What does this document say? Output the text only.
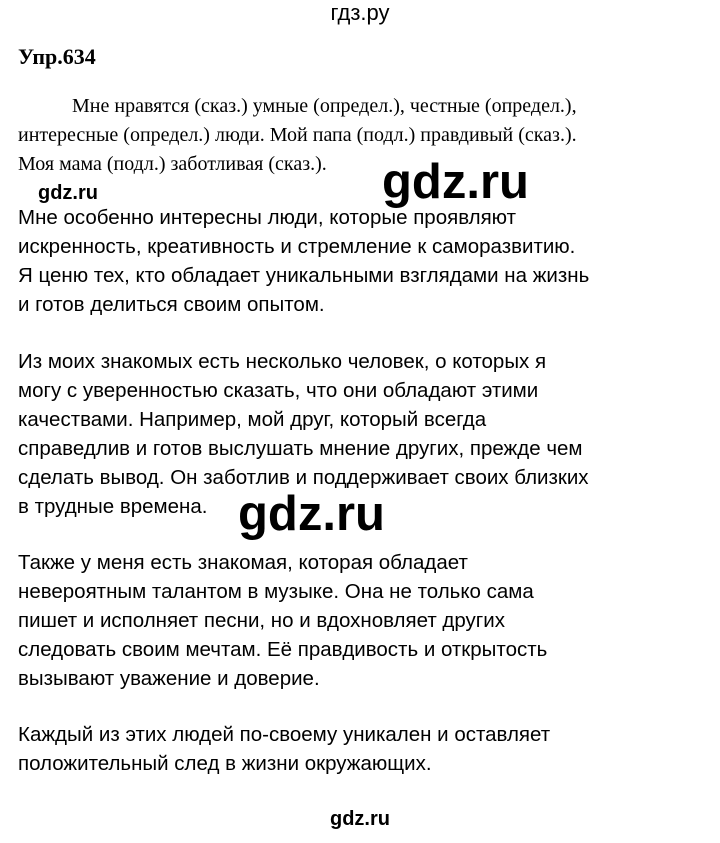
гдз.ру
Упр.634
Мне нравятся (сказ.) умные (определ.), честные (определ.),
интересные (определ.) люди. Мой папа (подл.) правдивый (сказ.).
Моя мама (подл.) заботливая (сказ.).	gdz.ru
gdz.ru
Мне особенно интересны люди, которые проявляют
искренность, креативность и стремление к саморазвитию.
Я ценю тех, кто обладает уникальными взглядами на жизнь
и готов делиться своим опытом.
Из моих знакомых есть несколько человек, о которых я
могу с уверенностью сказать, что они обладают этими
качествами. Например, мой друг, который всегда
справедлив и готов выслушать мнение других, прежде чем
сделать вывод. Он заботлив и поддерживает своих близких
в трудные времена. gdz.ru
Также у меня есть знакомая, которая обладает
невероятным талантом в музыке. Она не только сама
пишет и исполняет песни, но и вдохновляет других
следовать своим мечтам. Её правдивость и открытость
вызывают уважение и доверие.
Каждый из этих людей по-своему уникален и оставляет
положительный след в жизни окружающих.
gdz.ru
